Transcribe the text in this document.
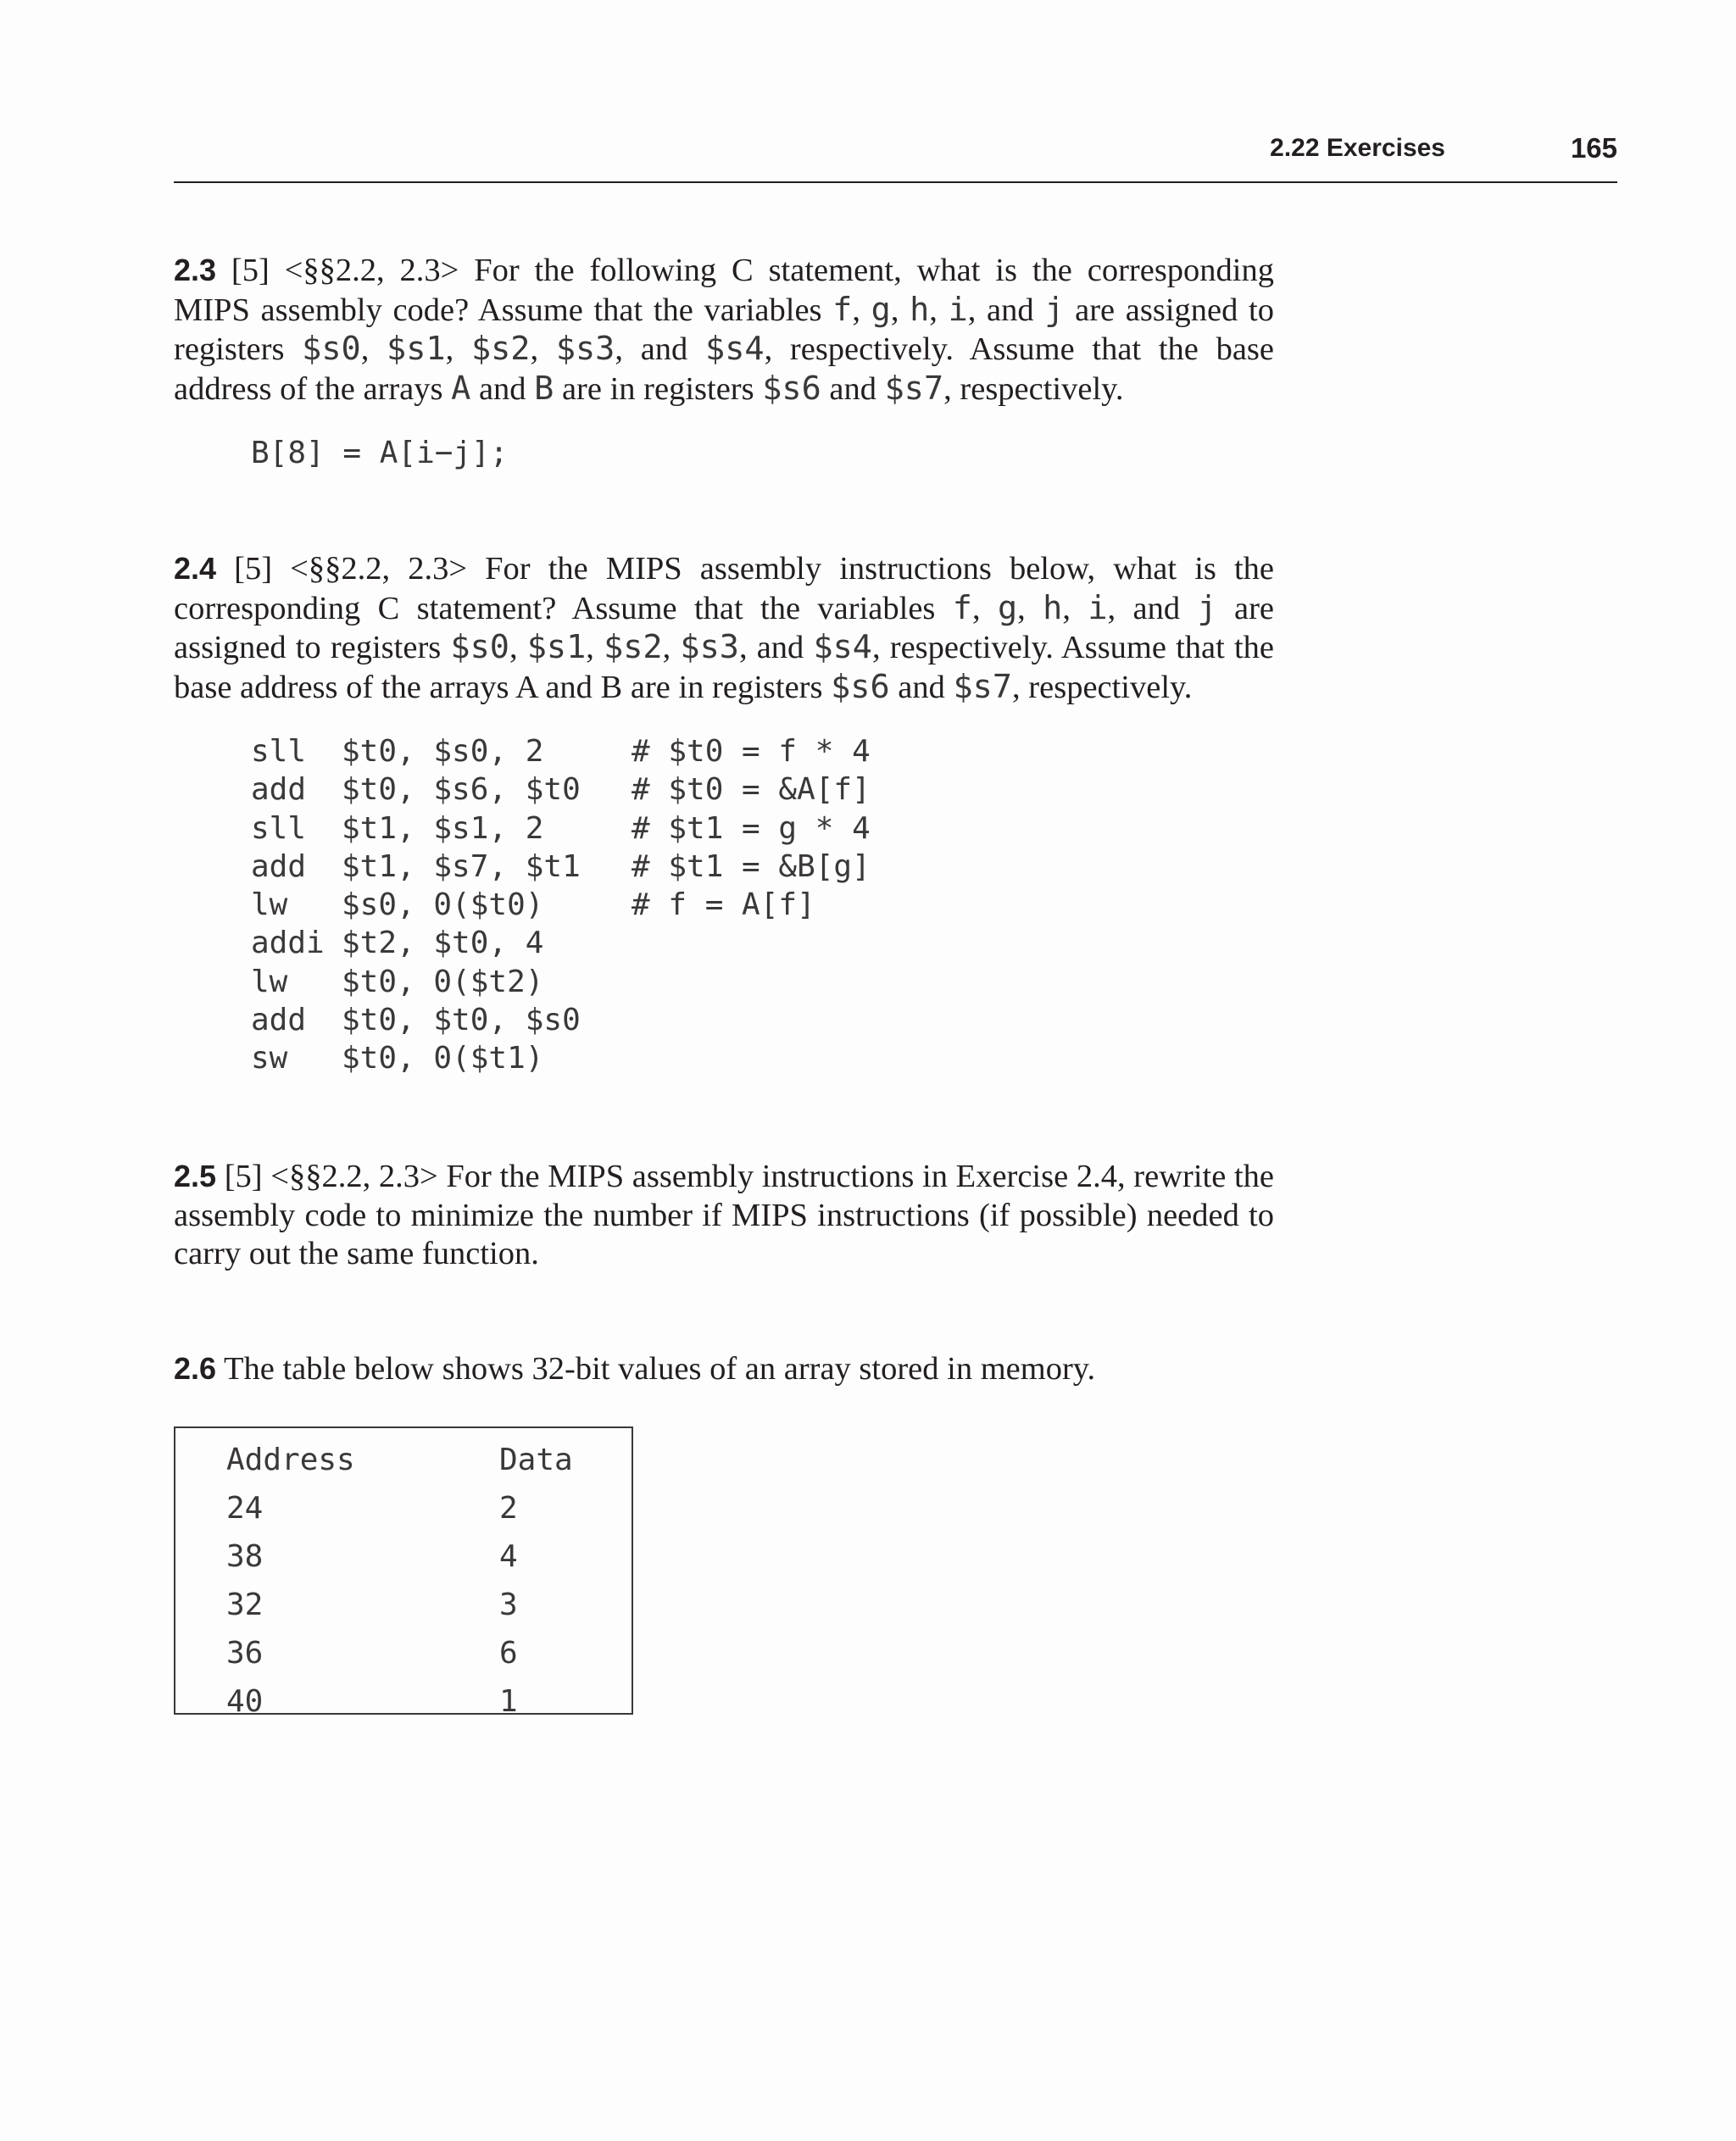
2.22 Exercises	165

2.3 [5] <§§2.2, 2.3> For the following C statement, what is the corresponding MIPS assembly code? Assume that the variables f, g, h, i, and j are assigned to registers $s0, $s1, $s2, $s3, and $s4, respectively. Assume that the base address of the arrays A and B are in registers $s6 and $s7, respectively.

B[8] = A[i−j];

2.4 [5] <§§2.2, 2.3> For the MIPS assembly instructions below, what is the corresponding C statement? Assume that the variables f, g, h, i, and j are assigned to registers $s0, $s1, $s2, $s3, and $s4, respectively. Assume that the base address of the arrays A and B are in registers $s6 and $s7, respectively.

sll $t0, $s0, 2	# $t0 = f * 4
add $t0, $s6, $t0 # $t0 = &A[f]
sll $t1, $s1, 2	# $t1 = g * 4
add $t1, $s7, $t1 # $t1 = &B[g]
lw $s0, 0($t0)	# f = A[f]
addi $t2, $t0, 4
lw $t0, 0($t2)
add $t0, $t0, $s0
sw $t0, 0($t1)

2.5 [5] <§§2.2, 2.3> For the MIPS assembly instructions in Exercise 2.4, rewrite the assembly code to minimize the number if MIPS instructions (if possible) needed to carry out the same function.

2.6 The table below shows 32-bit values of an array stored in memory.

Address	Data
24	2
38	4
32	3
36	6
40	1
